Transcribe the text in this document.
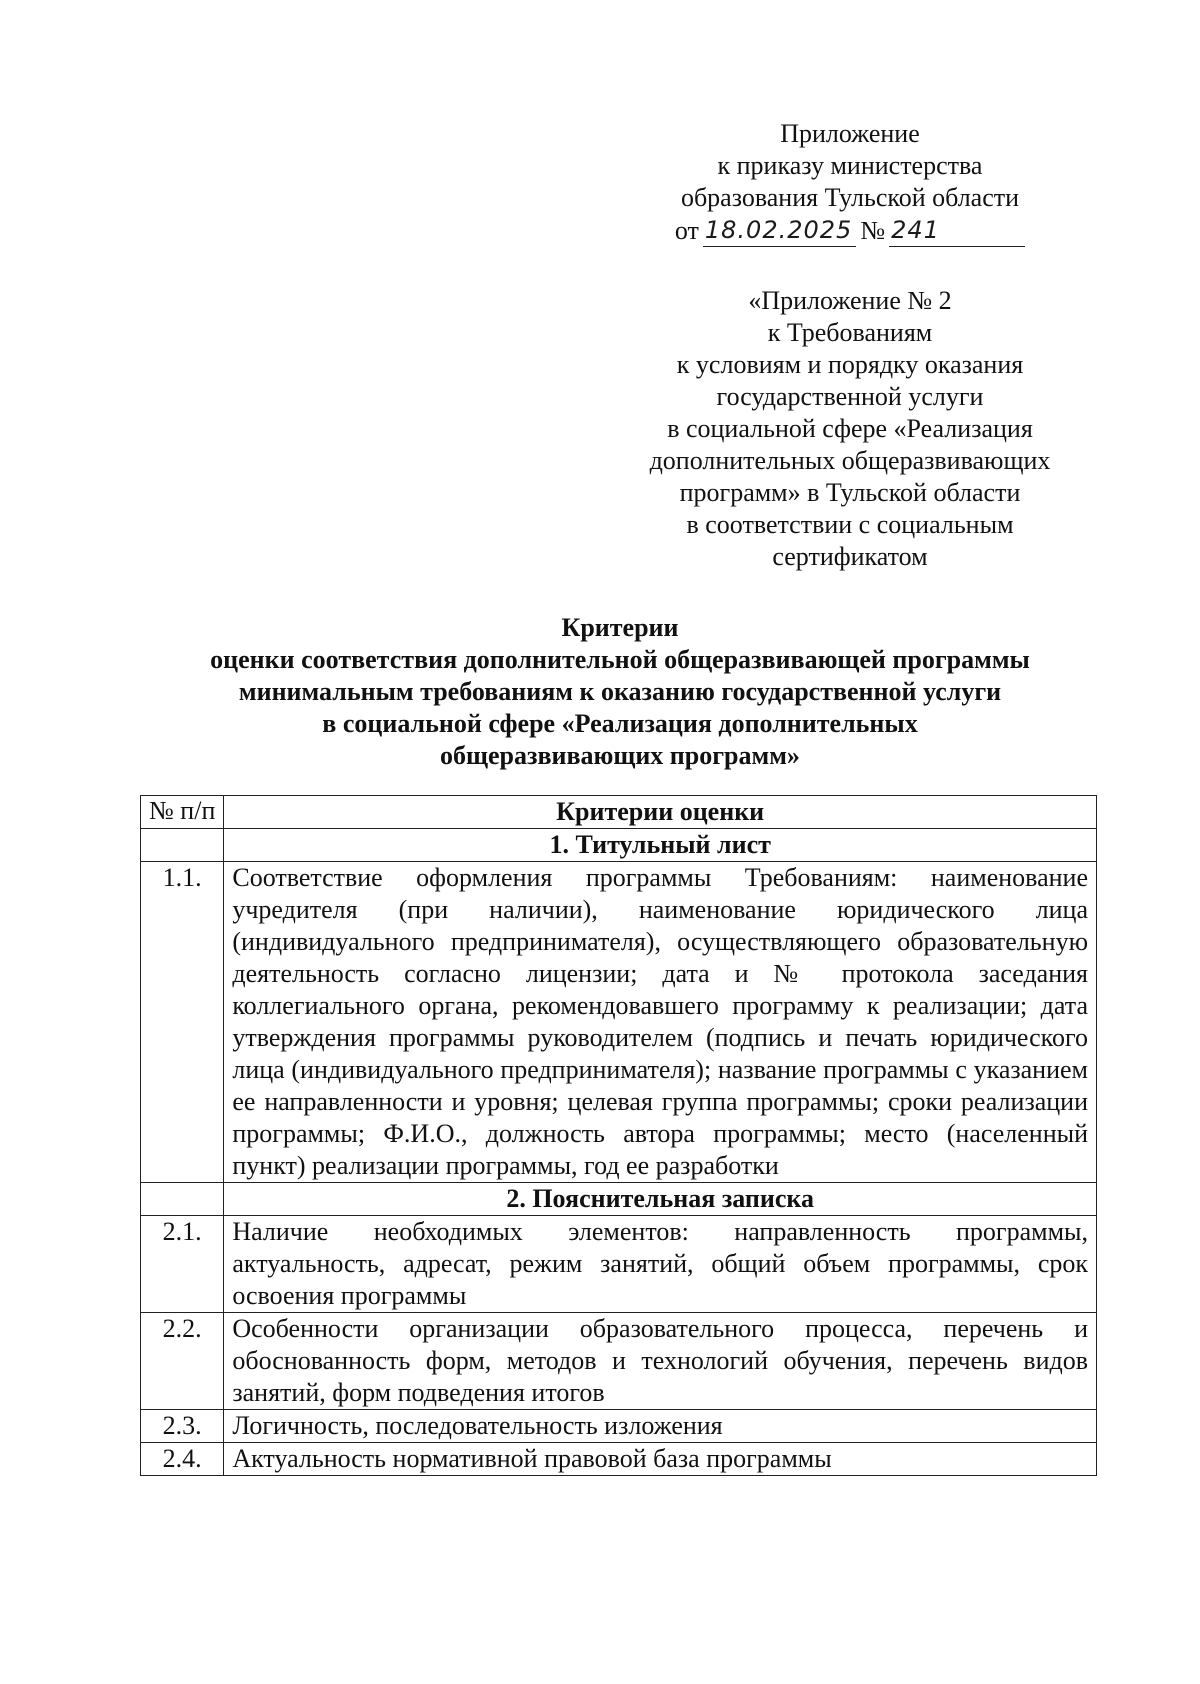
Приложение
к приказу министерства
образования Тульской области
от 18.02.2025 № 241
«Приложение № 2
к Требованиям
к условиям и порядку оказания
государственной услуги
в социальной сфере «Реализация
дополнительных общеразвивающих
программ» в Тульской области
в соответствии с социальным
сертификатом
Критерии
оценки соответствия дополнительной общеразвивающей программы
минимальным требованиям к оказанию государственной услуги
в социальной сфере «Реализация дополнительных
общеразвивающих программ»
№ п/п	Критерии оценки
	1. Титульный лист
1.1.	Соответствие оформления программы Требованиям: наименование учредителя (при наличии), наименование юридического лица (индивидуального предпринимателя), осуществляющего образовательную деятельность согласно лицензии; дата и № протокола заседания коллегиального органа, рекомендовавшего программу к реализации; дата утверждения программы руководителем (подпись и печать юридического лица (индивидуального предпринимателя); название программы с указанием ее направленности и уровня; целевая группа программы; сроки реализации программы; Ф.И.О., должность автора программы; место (населенный пункт) реализации программы, год ее разработки
	2. Пояснительная записка
2.1.	Наличие необходимых элементов: направленность программы, актуальность, адресат, режим занятий, общий объем программы, срок освоения программы
2.2.	Особенности организации образовательного процесса, перечень и обоснованность форм, методов и технологий обучения, перечень видов занятий, форм подведения итогов
2.3.	Логичность, последовательность изложения
2.4.	Актуальность нормативной правовой база программы
